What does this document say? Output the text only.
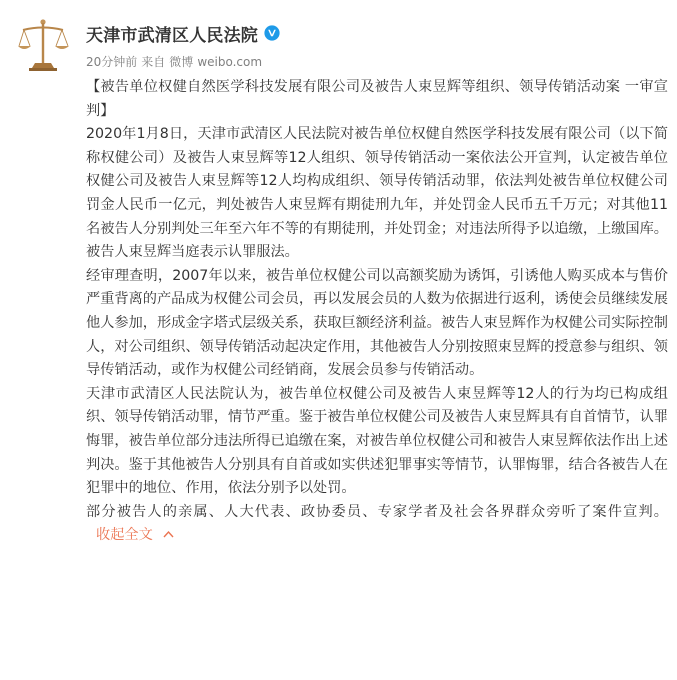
天津市武清区人民法院
20分钟前 来自 微博 weibo.com

【被告单位权健自然医学科技发展有限公司及被告人束昱辉等组织、领导传销活动案 一审宣判】

2020年1月8日，天津市武清区人民法院对被告单位权健自然医学科技发展有限公司（以下简称权健公司）及被告人束昱辉等12人组织、领导传销活动一案依法公开宣判，认定被告单位权健公司及被告人束昱辉等12人均构成组织、领导传销活动罪，依法判处被告单位权健公司罚金人民币一亿元，判处被告人束昱辉有期徒刑九年，并处罚金人民币五千万元；对其他11名被告人分别判处三年至六年不等的有期徒刑，并处罚金；对违法所得予以追缴，上缴国库。被告人束昱辉当庭表示认罪服法。

经审理查明，2007年以来，被告单位权健公司以高额奖励为诱饵，引诱他人购买成本与售价严重背离的产品成为权健公司会员，再以发展会员的人数为依据进行返利，诱使会员继续发展他人参加，形成金字塔式层级关系，获取巨额经济利益。被告人束昱辉作为权健公司实际控制人，对公司组织、领导传销活动起决定作用，其他被告人分别按照束昱辉的授意参与组织、领导传销活动，或作为权健公司经销商，发展会员参与传销活动。

天津市武清区人民法院认为，被告单位权健公司及被告人束昱辉等12人的行为均已构成组织、领导传销活动罪，情节严重。鉴于被告单位权健公司及被告人束昱辉具有自首情节，认罪悔罪，被告单位部分违法所得已追缴在案，对被告单位权健公司和被告人束昱辉依法作出上述判决。鉴于其他被告人分别具有自首或如实供述犯罪事实等情节，认罪悔罪，结合各被告人在犯罪中的地位、作用，依法分别予以处罚。

部分被告人的亲属、人大代表、政协委员、专家学者及社会各界群众旁听了案件宣判。收起全文
